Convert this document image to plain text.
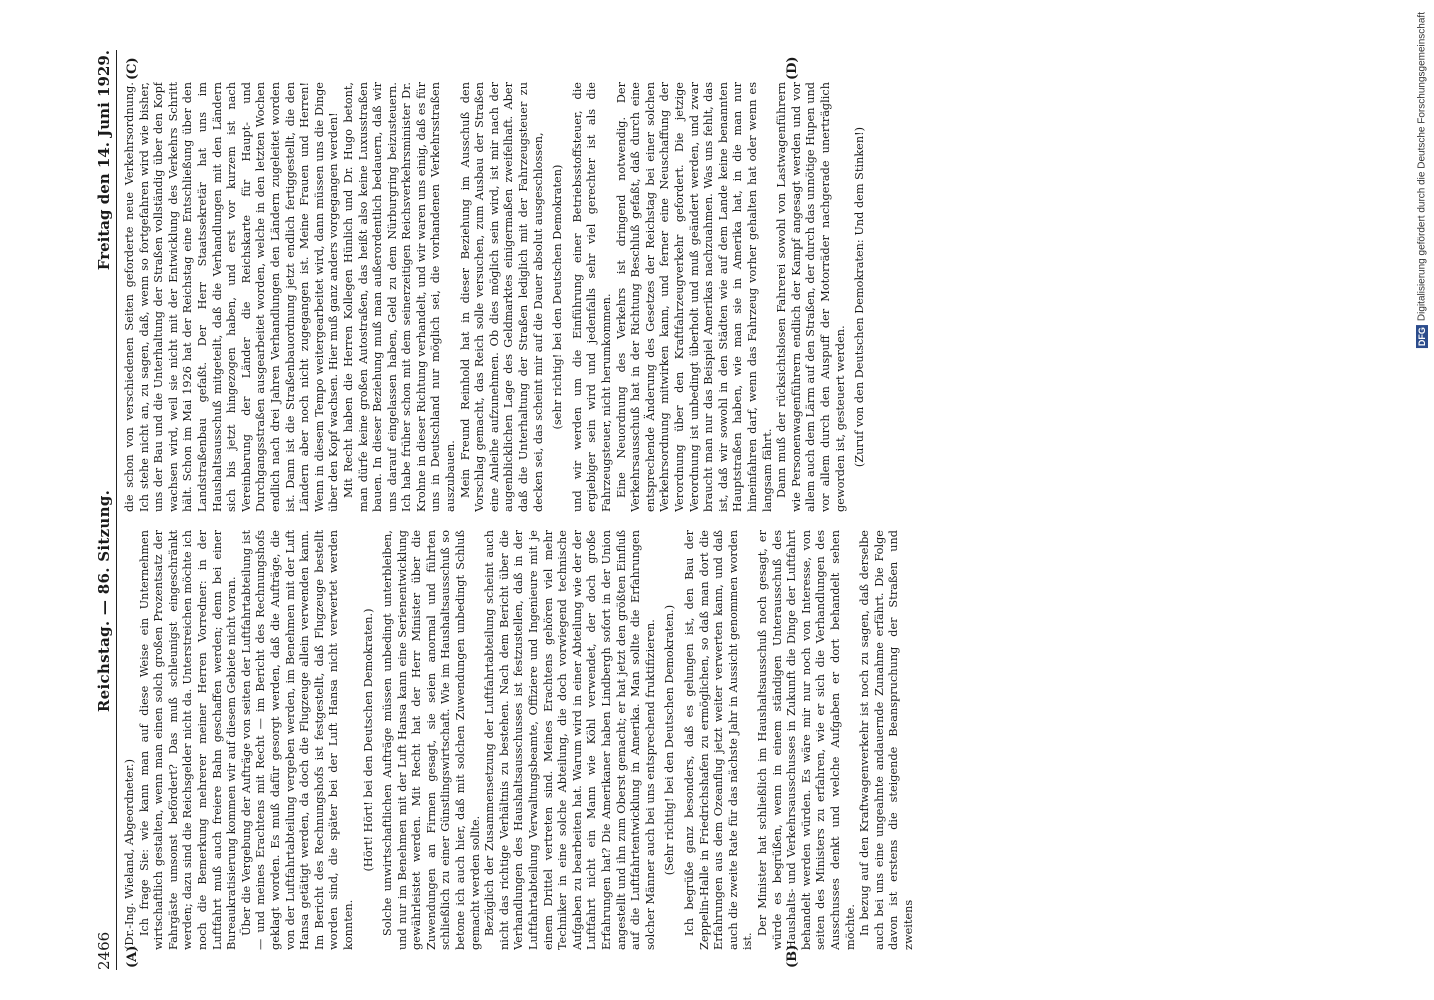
2466
Reichstag. — 86. Sitzung.
Freitag den 14. Juni 1929.
(A)	(B)
(C)	(D)

(Dr.-Ing. Wieland, Abgeordneter.) Ich frage Sie: wie kann man auf diese Weise ein Unternehmen wirtschaftlich gestalten, wenn man einen solch großen Prozentsatz der Fahrgäste umsonst befördert? Das muß schleunigst eingeschränkt werden; dazu sind die Reichsgelder nicht da. Unterstreichen möchte ich noch die Bemerkung mehrerer meiner Herren Vorredner: in der Luftfahrt muß auch freiere Bahn geschaffen werden; denn bei einer Bureaukratisierung kommen wir auf diesem Gebiete nicht voran. Über die Vergebung der Aufträge von seiten der Luftfahrtabteilung ist — und meines Erachtens mit Recht — im Bericht des Rechnungshofs geklagt worden. Es muß dafür gesorgt werden, daß die Aufträge, die von der Luftfahrtabteilung vergeben werden, im Benehmen mit der Luft Hansa getätigt werden, da doch die Flugzeuge allein verwenden kann. Im Bericht des Rechnungshofs ist festgestellt, daß Flugzeuge bestellt worden sind, die später bei der Luft Hansa nicht verwertet werden konnten.

(Hört! Hört! bei den Deutschen Demokraten.) Solche unwirtschaftlichen Aufträge müssen unbedingt unterbleiben, und nur im Benehmen mit der Luft Hansa kann eine Serienentwicklung gewährleistet werden. Mit Recht hat der Herr Minister über die Zuwendungen an Firmen gesagt, sie seien anormal und führten schließlich zu einer Günstlingswirtschaft. Wie im Haushaltsausschuß so betone ich auch hier, daß mit solchen Zuwendungen unbedingt Schluß gemacht werden sollte. Bezüglich der Zusammensetzung der Luftfahrtabteilung scheint auch nicht das richtige Verhältnis zu bestehen. Nach dem Bericht über die Verhandlungen des Haushaltsausschusses ist festzustellen, daß in der Luftfahrtabteilung Verwaltungsbeamte, Offiziere und Ingenieure mit je einem Drittel vertreten sind. Meines Erachtens gehören viel mehr Techniker in eine solche Abteilung, die doch vorwiegend technische Aufgaben zu bearbeiten hat. Warum wird in einer Abteilung wie der der Luftfahrt nicht ein Mann wie Köhl verwendet, der doch große Erfahrungen hat? Die Amerikaner haben Lindbergh sofort in der Union angestellt und ihn zum Oberst gemacht; er hat jetzt den größten Einfluß auf die Luftfahrtentwicklung in Amerika. Man sollte die Erfahrungen solcher Männer auch bei uns entsprechend fruktifizieren. (Sehr richtig! bei den Deutschen Demokraten.) Ich begrüße ganz besonders, daß es gelungen ist, den Bau der Zeppelin-Halle in Friedrichshafen zu ermöglichen, so daß man dort die Erfahrungen aus dem Ozeanflug jetzt weiter verwerten kann, und daß auch die zweite Rate für das nächste Jahr in Aussicht genommen worden ist.

Der Minister hat schließlich im Haushaltsausschuß noch gesagt, er würde es begrüßen, wenn in einem ständigen Unterausschuß des Haushalts- und Verkehrsausschusses in Zukunft die Dinge der Luftfahrt behandelt werden würden. Es wäre mir nur noch von Interesse, von seiten des Ministers zu erfahren, wie er sich die Verhandlungen des Ausschusses denkt und welche Aufgaben er dort behandelt sehen möchte. In bezug auf den Kraftwagenverkehr ist noch zu sagen, daß derselbe auch bei uns eine ungeahnte andauernde Zunahme erfährt. Die Folge davon ist erstens die steigende Beanspruchung der Straßen und zweitens

die schon von verschiedenen Seiten geforderte neue Verkehrsordnung. Ich stehe nicht an, zu sagen, daß, wenn so fortgefahren wird wie bisher, uns der Bau und die Unterhaltung der Straßen vollständig über den Kopf wachsen wird, weil sie nicht mit der Entwicklung des Verkehrs Schritt hält. Schon im Mai 1926 hat der Reichstag eine Entschließung über den Landstraßenbau gefaßt. Der Herr Staatssekretär hat uns im Haushaltsausschuß mitgeteilt, daß die Verhandlungen mit den Ländern sich bis jetzt hingezogen haben, und erst vor kurzem ist nach Vereinbarung der Länder die Reichskarte für Haupt- und Durchgangsstraßen ausgearbeitet worden, welche in den letzten Wochen endlich nach drei Jahren Verhandlungen den Ländern zugeleitet worden ist. Dann ist die Straßenbauordnung jetzt endlich fertiggestellt, die den Ländern aber noch nicht zugegangen ist. Meine Frauen und Herren! Wenn in diesem Tempo weitergearbeitet wird, dann müssen uns die Dinge über den Kopf wachsen. Hier muß ganz anders vorgegangen werden! Mit Recht haben die Herren Kollegen Hünlich und Dr. Hugo betont, man dürfe keine großen Autostraßen, das heißt also keine Luxusstraßen bauen. In dieser Beziehung muß man außerordentlich bedauern, daß wir uns darauf eingelassen haben, Geld zu dem Nürburgring beizusteuern. Ich habe früher schon mit dem seinerzeitigen Reichsverkehrsminister Dr. Krohne in dieser Richtung verhandelt, und wir waren uns einig, daß es für uns in Deutschland nur möglich sei, die vorhandenen Verkehrsstraßen auszubauen. Mein Freund Reinhold hat in dieser Beziehung im Ausschuß den Vorschlag gemacht, das Reich solle versuchen, zum Ausbau der Straßen eine Anleihe aufzunehmen. Ob dies möglich sein wird, ist mir nach der augenblicklichen Lage des Geldmarktes einigermaßen zweifelhaft. Aber daß die Unterhaltung der Straßen lediglich mit der Fahrzeugsteuer zu decken sei, das scheint mir auf die Dauer absolut ausgeschlossen, (sehr richtig! bei den Deutschen Demokraten) und wir werden um die Einführung einer Betriebsstoffsteuer, die ergiebiger sein wird und jedenfalls sehr viel gerechter ist als die Fahrzeugsteuer, nicht herumkommen. Eine Neuordnung des Verkehrs ist dringend notwendig. Der Verkehrsausschuß hat in der Richtung Beschluß gefaßt, daß durch eine entsprechende Änderung des Gesetzes der Reichstag bei einer solchen Verkehrsordnung mitwirken kann, und ferner eine Neuschaffung der Verordnung über den Kraftfahrzeugverkehr gefordert. Die jetzige Verordnung ist unbedingt überholt und muß geändert werden, und zwar braucht man nur das Beispiel Amerikas nachzuahmen. Was uns fehlt, das ist, daß wir sowohl in den Städten wie auf dem Lande keine benannten Hauptstraßen haben, wie man sie in Amerika hat, in die man nur hineinfahren darf, wenn das Fahrzeug vorher gehalten hat oder wenn es langsam fährt. Dann muß der rücksichtslosen Fahrerei sowohl von Lastwagenführern wie Personenwagenführern endlich der Kampf angesagt werden und vor allem auch dem Lärm auf den Straßen, der durch das unnötige Hupen und vor allem durch den Auspuff der Motorräder nachgerade unerträglich geworden ist, gesteuert werden. (Zuruf von den Deutschen Demokraten: Und dem Stinken!)	DFG
Digitalisierung gefördert durch die Deutsche Forschungsgemeinschaft
